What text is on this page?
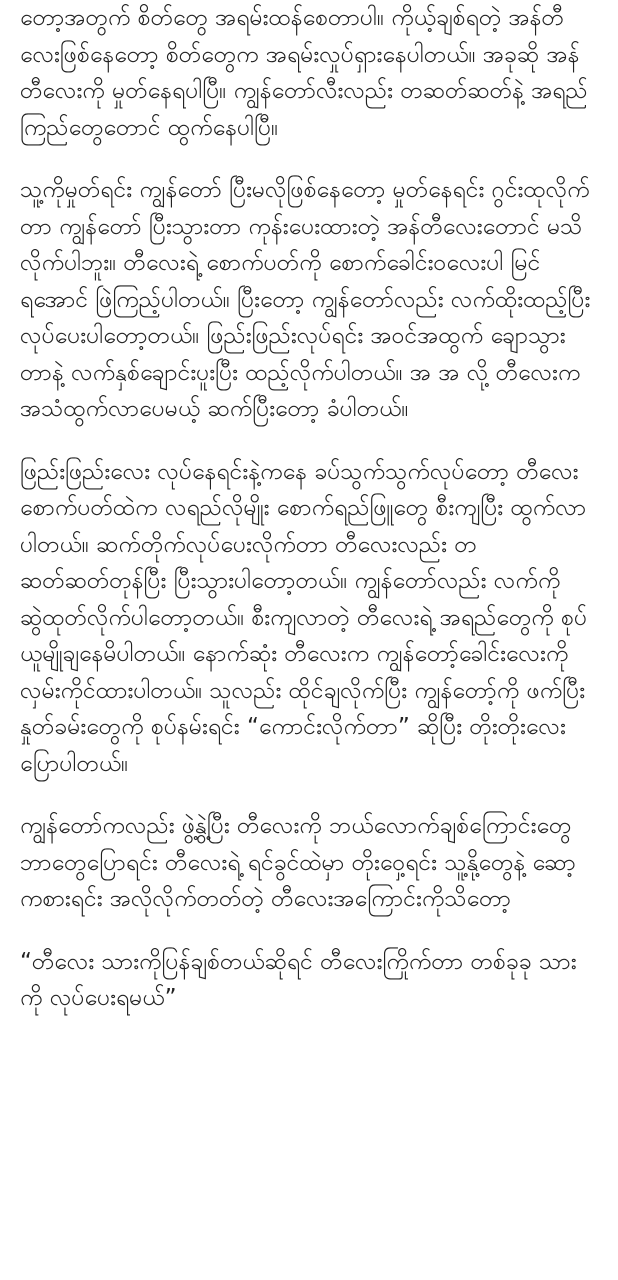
တော့အတွက် စိတ်တွေ အရမ်းထန်စေတာပါ။ ကိုယ့်ချစ်ရတဲ့ အန်တီလေးဖြစ်နေတော့ စိတ်တွေက အရမ်းလှုပ်ရှားနေပါတယ်။ အခုဆို အန်တီလေးကို မှုတ်နေရပါပြီ။ ကျွန်တော်လီးလည်း တဆတ်ဆတ်နဲ့ အရည်ကြည်တွေတောင် ထွက်နေပါပြီ။

သူ့ကိုမှုတ်ရင်း ကျွန်တော် ပြီးမလိုဖြစ်နေတော့ မှုတ်နေရင်း ဂွင်းထုလိုက်တာ ကျွန်တော် ပြီးသွားတာ ကုန်းပေးထားတဲ့ အန်တီလေးတောင် မသိလိုက်ပါဘူး။ တီလေးရဲ့ စောက်ပတ်ကို စောက်ခေါင်းဝလေးပါ မြင်ရအောင် ဖြဲကြည့်ပါတယ်။ ပြီးတော့ ကျွန်တော်လည်း လက်ထိုးထည့်ပြီး လုပ်ပေးပါတော့တယ်။ ဖြည်းဖြည်းလုပ်ရင်း အဝင်အထွက် ချောသွားတာနဲ့ လက်နှစ်ချောင်းပူးပြီး ထည့်လိုက်ပါတယ်။ အ အ လို့ တီလေးက အသံထွက်လာပေမယ့် ဆက်ပြီးတော့ ခံပါတယ်။

ဖြည်းဖြည်းလေး လုပ်နေရင်းနဲ့ကနေ ခပ်သွက်သွက်လုပ်တော့ တီလေးစောက်ပတ်ထဲက လရည်လိုမျိုး စောက်ရည်ဖြူတွေ စီးကျပြီး ထွက်လာပါတယ်။ ဆက်တိုက်လုပ်ပေးလိုက်တာ တီလေးလည်း တဆတ်ဆတ်တုန်ပြီး ပြီးသွားပါတော့တယ်။ ကျွန်တော်လည်း လက်ကို ဆွဲထုတ်လိုက်ပါတော့တယ်။ စီးကျလာတဲ့ တီလေးရဲ့ အရည်တွေကို စုပ်ယူမျိုချနေမိပါတယ်။ နောက်ဆုံး တီလေးက ကျွန်တော့်ခေါင်းလေးကို လှမ်းကိုင်ထားပါတယ်။ သူလည်း ထိုင်ချလိုက်ပြီး ကျွန်တော့်ကို ဖက်ပြီး နှုတ်ခမ်းတွေကို စုပ်နမ်းရင်း “ကောင်းလိုက်တာ” ဆိုပြီး တိုးတိုးလေး ပြောပါတယ်။

ကျွန်တော်ကလည်း ဖွဲ့နွဲ့ပြီး တီလေးကို ဘယ်လောက်ချစ်ကြောင်းတွေ ဘာတွေပြောရင်း တီလေးရဲ့ ရင်ခွင်ထဲမှာ တိုးဝှေ့ရင်း သူ့နို့တွေနဲ့ ဆော့ကစားရင်း အလိုလိုက်တတ်တဲ့ တီလေးအကြောင်းကိုသိတော့

“တီလေး သားကိုပြန်ချစ်တယ်ဆိုရင် တီလေးကြိုက်တာ တစ်ခုခု သားကို လုပ်ပေးရမယ်”
